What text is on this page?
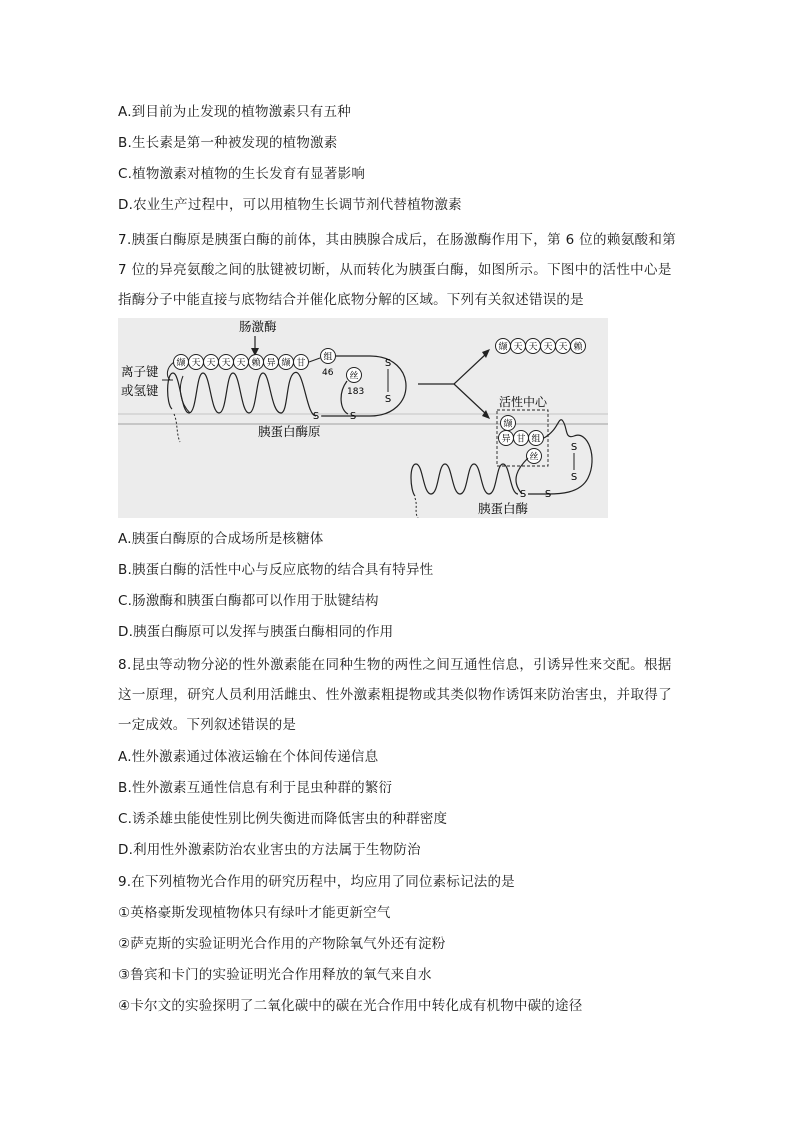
A.到目前为止发现的植物激素只有五种
B.生长素是第一种被发现的植物激素
C.植物激素对植物的生长发育有显著影响
D.农业生产过程中，可以用植物生长调节剂代替植物激素
7.胰蛋白酶原是胰蛋白酶的前体，其由胰腺合成后，在肠激酶作用下，第 6 位的赖氨酸和第
7 位的异亮氨酸之间的肽键被切断，从而转化为胰蛋白酶，如图所示。下图中的活性中心是
指酶分子中能直接与底物结合并催化底物分解的区域。下列有关叙述错误的是
肠激酶
缬 天 天 天 天 赖 异 缬 甘
组
46 丝
183
S
S
S	S
离子键
或氢键
胰蛋白酶原
缬 天 天 天 天 赖
活性中心
缬
异 甘 组
丝
S
S
S S
胰蛋白酶
A.胰蛋白酶原的合成场所是核糖体
B.胰蛋白酶的活性中心与反应底物的结合具有特异性
C.肠激酶和胰蛋白酶都可以作用于肽键结构
D.胰蛋白酶原可以发挥与胰蛋白酶相同的作用
8.昆虫等动物分泌的性外激素能在同种生物的两性之间互通性信息，引诱异性来交配。根据
这一原理，研究人员利用活雌虫、性外激素粗提物或其类似物作诱饵来防治害虫，并取得了
一定成效。下列叙述错误的是
A.性外激素通过体液运输在个体间传递信息
B.性外激素互通性信息有利于昆虫种群的繁衍
C.诱杀雄虫能使性别比例失衡进而降低害虫的种群密度
D.利用性外激素防治农业害虫的方法属于生物防治
9.在下列植物光合作用的研究历程中，均应用了同位素标记法的是
①英格豪斯发现植物体只有绿叶才能更新空气
②萨克斯的实验证明光合作用的产物除氧气外还有淀粉
③鲁宾和卡门的实验证明光合作用释放的氧气来自水
④卡尔文的实验探明了二氧化碳中的碳在光合作用中转化成有机物中碳的途径
